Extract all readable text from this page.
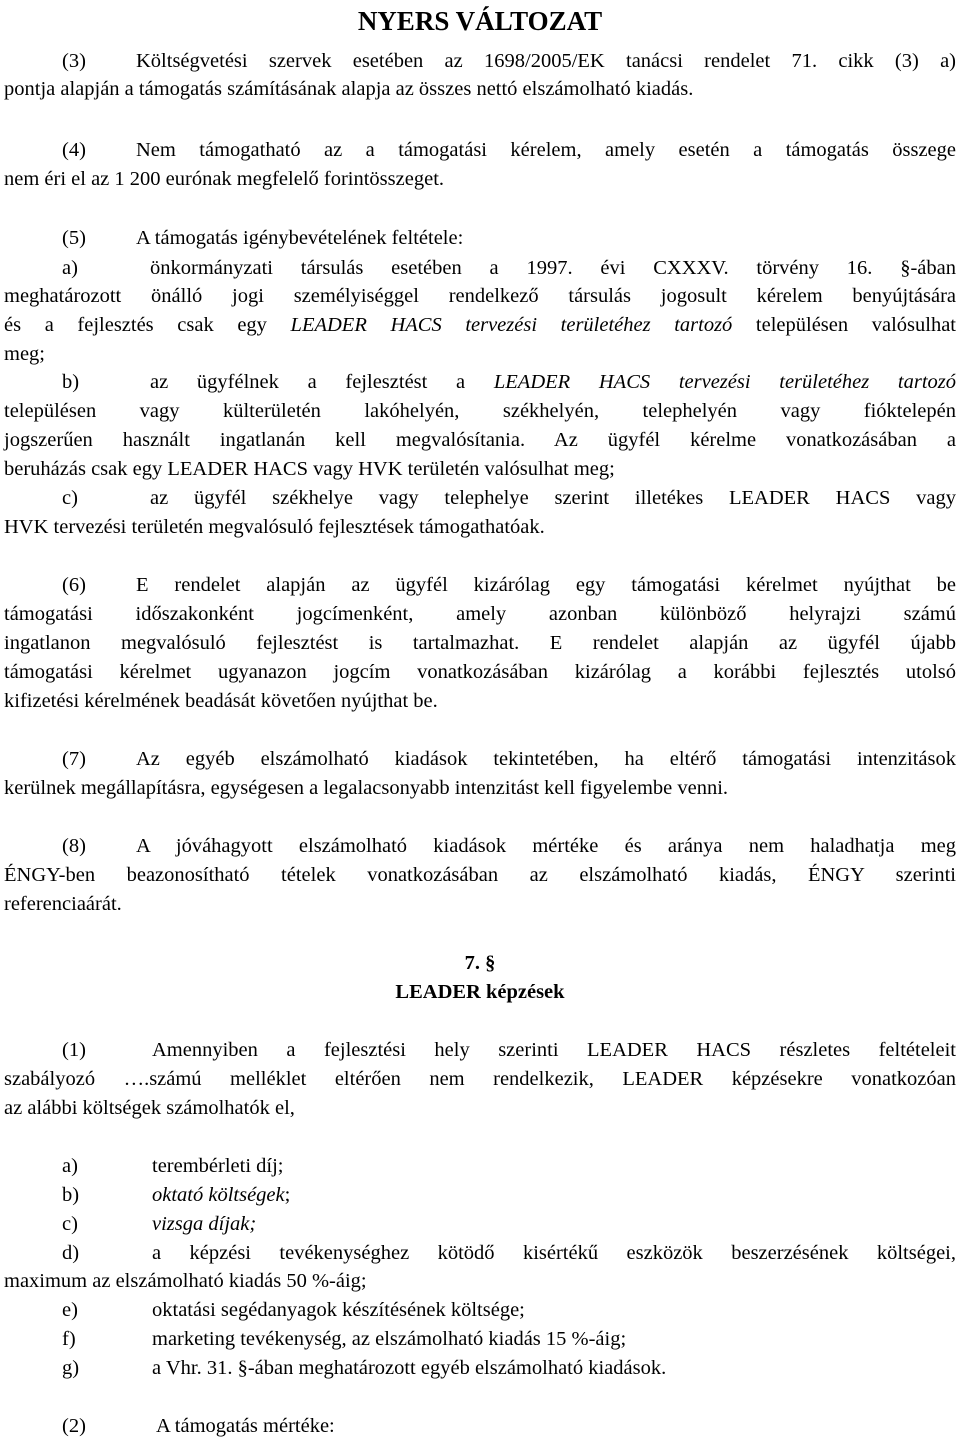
NYERS VÁLTOZAT
(3) Költségvetési szervek esetében az 1698/2005/EK tanácsi rendelet 71. cikk (3) a)
pontja alapján a támogatás számításának alapja az összes nettó elszámolható kiadás.
(4) Nem támogatható az a támogatási kérelem, amely esetén a támogatás összege
nem éri el az 1 200 eurónak megfelelő forintösszeget.
(5) A támogatás igénybevételének feltétele:
a)	önkormányzati társulás esetében a 1997. évi CXXXV. törvény 16. §-ában
meghatározott önálló jogi személyiséggel rendelkező társulás jogosult kérelem benyújtására
és a fejlesztés csak egy LEADER HACS tervezési területéhez tartozó településen valósulhat
meg;
b)	az ügyfélnek a fejlesztést a LEADER HACS tervezési területéhez tartozó
településen vagy külterületén lakóhelyén, székhelyén, telephelyén vagy fióktelepén
jogszerűen használt ingatlanán kell megvalósítania. Az ügyfél kérelme vonatkozásában a
beruházás csak egy LEADER HACS vagy HVK területén valósulhat meg;
c)	az ügyfél székhelye vagy telephelye szerint illetékes LEADER HACS vagy
HVK tervezési területén megvalósuló fejlesztések támogathatóak.
(6) E rendelet alapján az ügyfél kizárólag egy támogatási kérelmet nyújthat be
támogatási időszakonként jogcímenként, amely azonban különböző helyrajzi számú
ingatlanon megvalósuló fejlesztést is tartalmazhat. E rendelet alapján az ügyfél újabb
támogatási kérelmet ugyanazon jogcím vonatkozásában kizárólag a korábbi fejlesztés utolsó
kifizetési kérelmének beadását követően nyújthat be.
(7) Az egyéb elszámolható kiadások tekintetében, ha eltérő támogatási intenzitások
kerülnek megállapításra, egységesen a legalacsonyabb intenzitást kell figyelembe venni.
(8) A jóváhagyott elszámolható kiadások mértéke és aránya nem haladhatja meg
ÉNGY-ben beazonosítható tételek vonatkozásában az elszámolható kiadás, ÉNGY szerinti
referenciaárát.
7. §
LEADER képzések
(1)	Amennyiben a fejlesztési hely szerinti LEADER HACS részletes feltételeit
szabályozó ….számú melléklet eltérően nem rendelkezik, LEADER képzésekre vonatkozóan
az alábbi költségek számolhatók el,
a)	terembérleti díj;
b)	oktató költségek;
c)	vizsga díjak;
d)	a képzési tevékenységhez kötödő kisértékű eszközök beszerzésének költségei,
maximum az elszámolható kiadás 50 %-áig;
e)	oktatási segédanyagok készítésének költsége;
f)	marketing tevékenység, az elszámolható kiadás 15 %-áig;
g)	a Vhr. 31. §-ában meghatározott egyéb elszámolható kiadások.
(2)	A támogatás mértéke:
